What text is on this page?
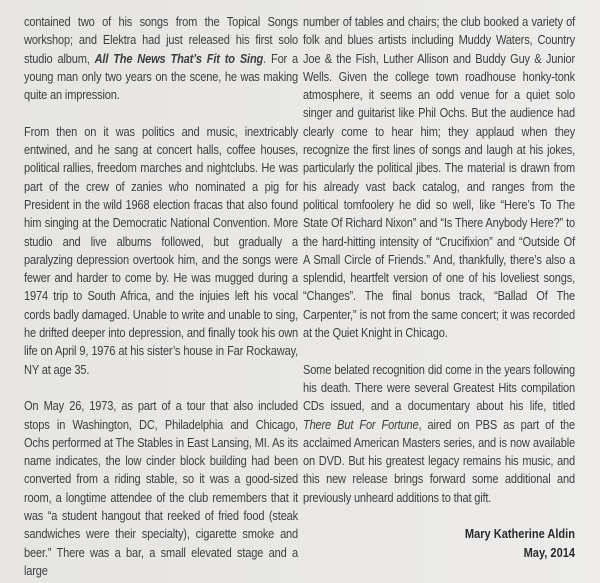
contained two of his songs from the Topical Songs workshop; and Elektra had just released his first solo studio album, All The News That’s Fit to Sing. For a young man only two years on the scene, he was making quite an impression.

From then on it was politics and music, inextricably entwined, and he sang at concert halls, coffee houses, political rallies, freedom marches and nightclubs. He was part of the crew of zanies who nominated a pig for President in the wild 1968 election fracas that also found him singing at the Democratic National Convention. More studio and live albums followed, but gradually a paralyzing depression overtook him, and the songs were fewer and harder to come by. He was mugged during a 1974 trip to South Africa, and the injuies left his vocal cords badly damaged. Unable to write and unable to sing, he drifted deeper into depression, and finally took his own life on April 9, 1976 at his sister’s house in Far Rockaway, NY at age 35.

On May 26, 1973, as part of a tour that also included stops in Washington, DC, Philadelphia and Chicago, Ochs performed at The Stables in East Lansing, MI. As its name indicates, the low cinder block building had been converted from a riding stable, so it was a good-sized room, a longtime attendee of the club remembers that it was “a student hangout that reeked of fried food (steak sandwiches were their specialty), cigarette smoke and beer.” There was a bar, a small elevated stage and a large

number of tables and chairs; the club booked a variety of folk and blues artists including Muddy Waters, Country Joe & the Fish, Luther Allison and Buddy Guy & Junior Wells. Given the college town roadhouse honky-tonk atmosphere, it seems an odd venue for a quiet solo singer and guitarist like Phil Ochs. But the audience had clearly come to hear him; they applaud when they recognize the first lines of songs and laugh at his jokes, particularly the political jibes. The material is drawn from his already vast back catalog, and ranges from the political tomfoolery he did so well, like “Here’s To The State Of Richard Nixon” and “Is There Anybody Here?” to the hard-hitting intensity of “Crucifixion” and “Outside Of A Small Circle of Friends.” And, thankfully, there’s also a splendid, heartfelt version of one of his loveliest songs, “Changes”. The final bonus track, “Ballad Of The Carpenter,” is not from the same concert; it was recorded at the Quiet Knight in Chicago.

Some belated recognition did come in the years following his death. There were several Greatest Hits compilation CDs issued, and a documentary about his life, titled There But For Fortune, aired on PBS as part of the acclaimed American Masters series, and is now available on DVD. But his greatest legacy remains his music, and this new release brings forward some additional and previously unheard additions to that gift.

Mary Katherine Aldin
May, 2014
